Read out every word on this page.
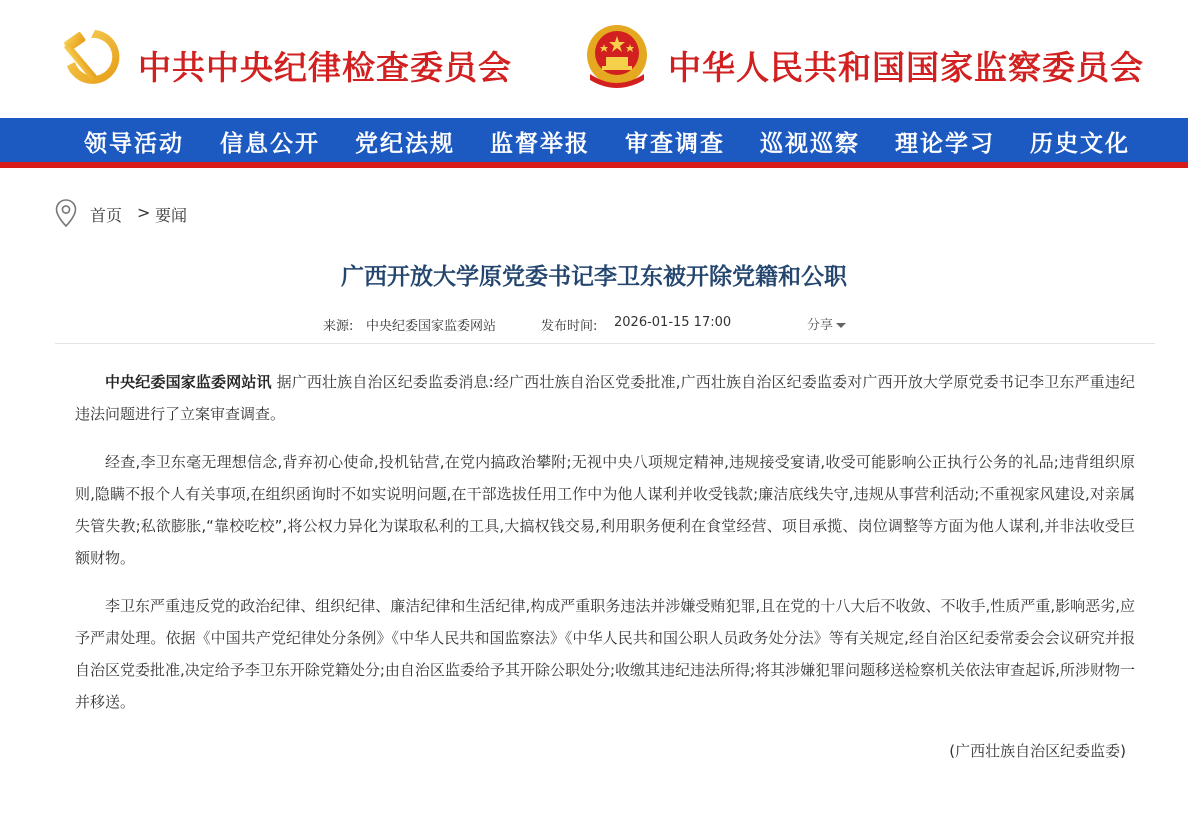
中共中央纪律检查委员会	中华人民共和国国家监察委员会
领导活动 信息公开 党纪法规 监督举报 审查调查 巡视巡察 理论学习 历史文化
首页 > 要闻
广西开放大学原党委书记李卫东被开除党籍和公职
来源: 中央纪委国家监委网站	发布时间: 2026-01-15 17:00	分享

中央纪委国家监委网站讯 据广西壮族自治区纪委监委消息:经广西壮族自治区党委批准,广西壮族自治区纪委监委对广西开放大学原党委书记李卫东严重违纪违法问题进行了立案审查调查。

经查,李卫东毫无理想信念,背弃初心使命,投机钻营,在党内搞政治攀附;无视中央八项规定精神,违规接受宴请,收受可能影响公正执行公务的礼品;违背组织原则,隐瞒不报个人有关事项,在组织函询时不如实说明问题,在干部选拔任用工作中为他人谋利并收受钱款;廉洁底线失守,违规从事营利活动;不重视家风建设,对亲属失管失教;私欲膨胀,“靠校吃校”,将公权力异化为谋取私利的工具,大搞权钱交易,利用职务便利在食堂经营、项目承揽、岗位调整等方面为他人谋利,并非法收受巨额财物。

李卫东严重违反党的政治纪律、组织纪律、廉洁纪律和生活纪律,构成严重职务违法并涉嫌受贿犯罪,且在党的十八大后不收敛、不收手,性质严重,影响恶劣,应予严肃处理。依据《中国共产党纪律处分条例》《中华人民共和国监察法》《中华人民共和国公职人员政务处分法》等有关规定,经自治区纪委常委会会议研究并报自治区党委批准,决定给予李卫东开除党籍处分;由自治区监委给予其开除公职处分;收缴其违纪违法所得;将其涉嫌犯罪问题移送检察机关依法审查起诉,所涉财物一并移送。

(广西壮族自治区纪委监委)
